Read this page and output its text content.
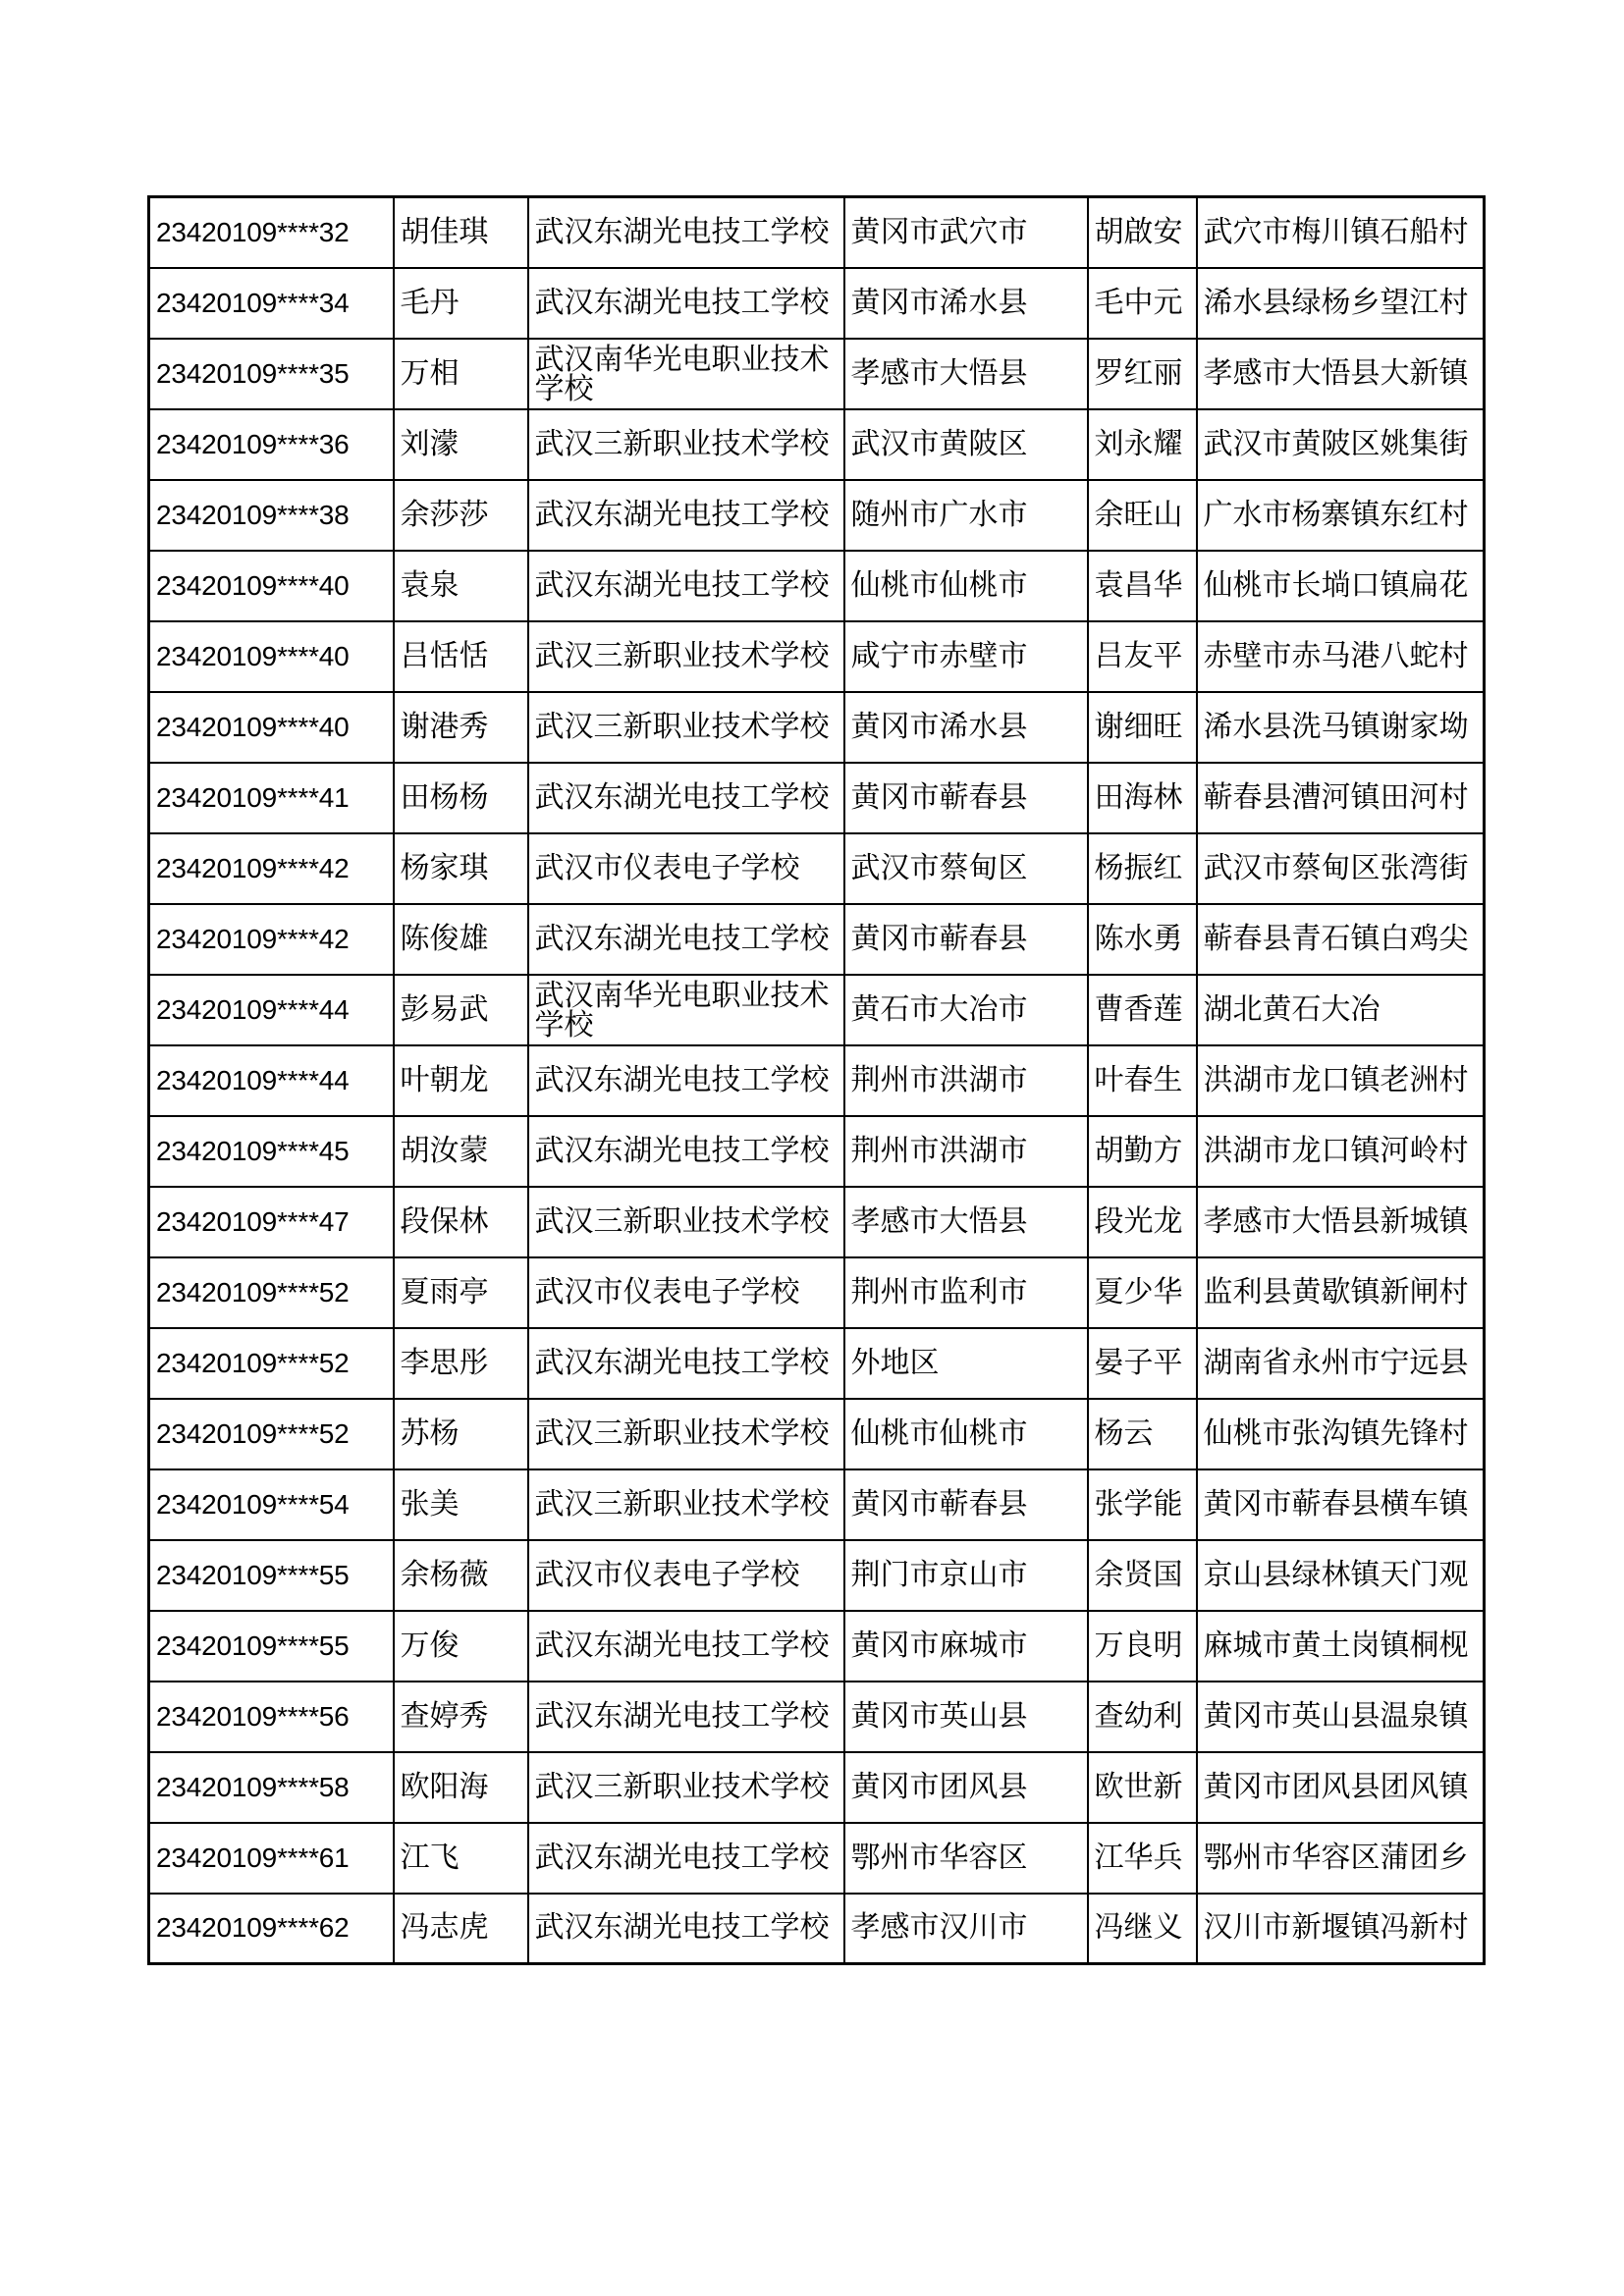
23420109****32	胡佳琪	武汉东湖光电技工学校	黄冈市武穴市	胡啟安	武穴市梅川镇石船村
23420109****34	毛丹	武汉东湖光电技工学校	黄冈市浠水县	毛中元	浠水县绿杨乡望江村
23420109****35	万相	武汉南华光电职业技术学校	孝感市大悟县	罗红丽	孝感市大悟县大新镇
23420109****36	刘濛	武汉三新职业技术学校	武汉市黄陂区	刘永耀	武汉市黄陂区姚集街
23420109****38	余莎莎	武汉东湖光电技工学校	随州市广水市	余旺山	广水市杨寨镇东红村
23420109****40	袁泉	武汉东湖光电技工学校	仙桃市仙桃市	袁昌华	仙桃市长埫口镇扁花
23420109****40	吕恬恬	武汉三新职业技术学校	咸宁市赤壁市	吕友平	赤壁市赤马港八蛇村
23420109****40	谢港秀	武汉三新职业技术学校	黄冈市浠水县	谢细旺	浠水县洗马镇谢家坳
23420109****41	田杨杨	武汉东湖光电技工学校	黄冈市蕲春县	田海林	蕲春县漕河镇田河村
23420109****42	杨家琪	武汉市仪表电子学校	武汉市蔡甸区	杨振红	武汉市蔡甸区张湾街
23420109****42	陈俊雄	武汉东湖光电技工学校	黄冈市蕲春县	陈水勇	蕲春县青石镇白鸡尖
23420109****44	彭易武	武汉南华光电职业技术学校	黄石市大冶市	曹香莲	湖北黄石大冶
23420109****44	叶朝龙	武汉东湖光电技工学校	荆州市洪湖市	叶春生	洪湖市龙口镇老洲村
23420109****45	胡汝蒙	武汉东湖光电技工学校	荆州市洪湖市	胡勤方	洪湖市龙口镇河岭村
23420109****47	段保林	武汉三新职业技术学校	孝感市大悟县	段光龙	孝感市大悟县新城镇
23420109****52	夏雨亭	武汉市仪表电子学校	荆州市监利市	夏少华	监利县黄歇镇新闸村
23420109****52	李思彤	武汉东湖光电技工学校	外地区	晏子平	湖南省永州市宁远县
23420109****52	苏杨	武汉三新职业技术学校	仙桃市仙桃市	杨云	仙桃市张沟镇先锋村
23420109****54	张美	武汉三新职业技术学校	黄冈市蕲春县	张学能	黄冈市蕲春县横车镇
23420109****55	余杨薇	武汉市仪表电子学校	荆门市京山市	余贤国	京山县绿林镇天门观
23420109****55	万俊	武汉东湖光电技工学校	黄冈市麻城市	万良明	麻城市黄土岗镇桐枧
23420109****56	查婷秀	武汉东湖光电技工学校	黄冈市英山县	查幼利	黄冈市英山县温泉镇
23420109****58	欧阳海	武汉三新职业技术学校	黄冈市团风县	欧世新	黄冈市团风县团风镇
23420109****61	江飞	武汉东湖光电技工学校	鄂州市华容区	江华兵	鄂州市华容区蒲团乡
23420109****62	冯志虎	武汉东湖光电技工学校	孝感市汉川市	冯继义	汉川市新堰镇冯新村
